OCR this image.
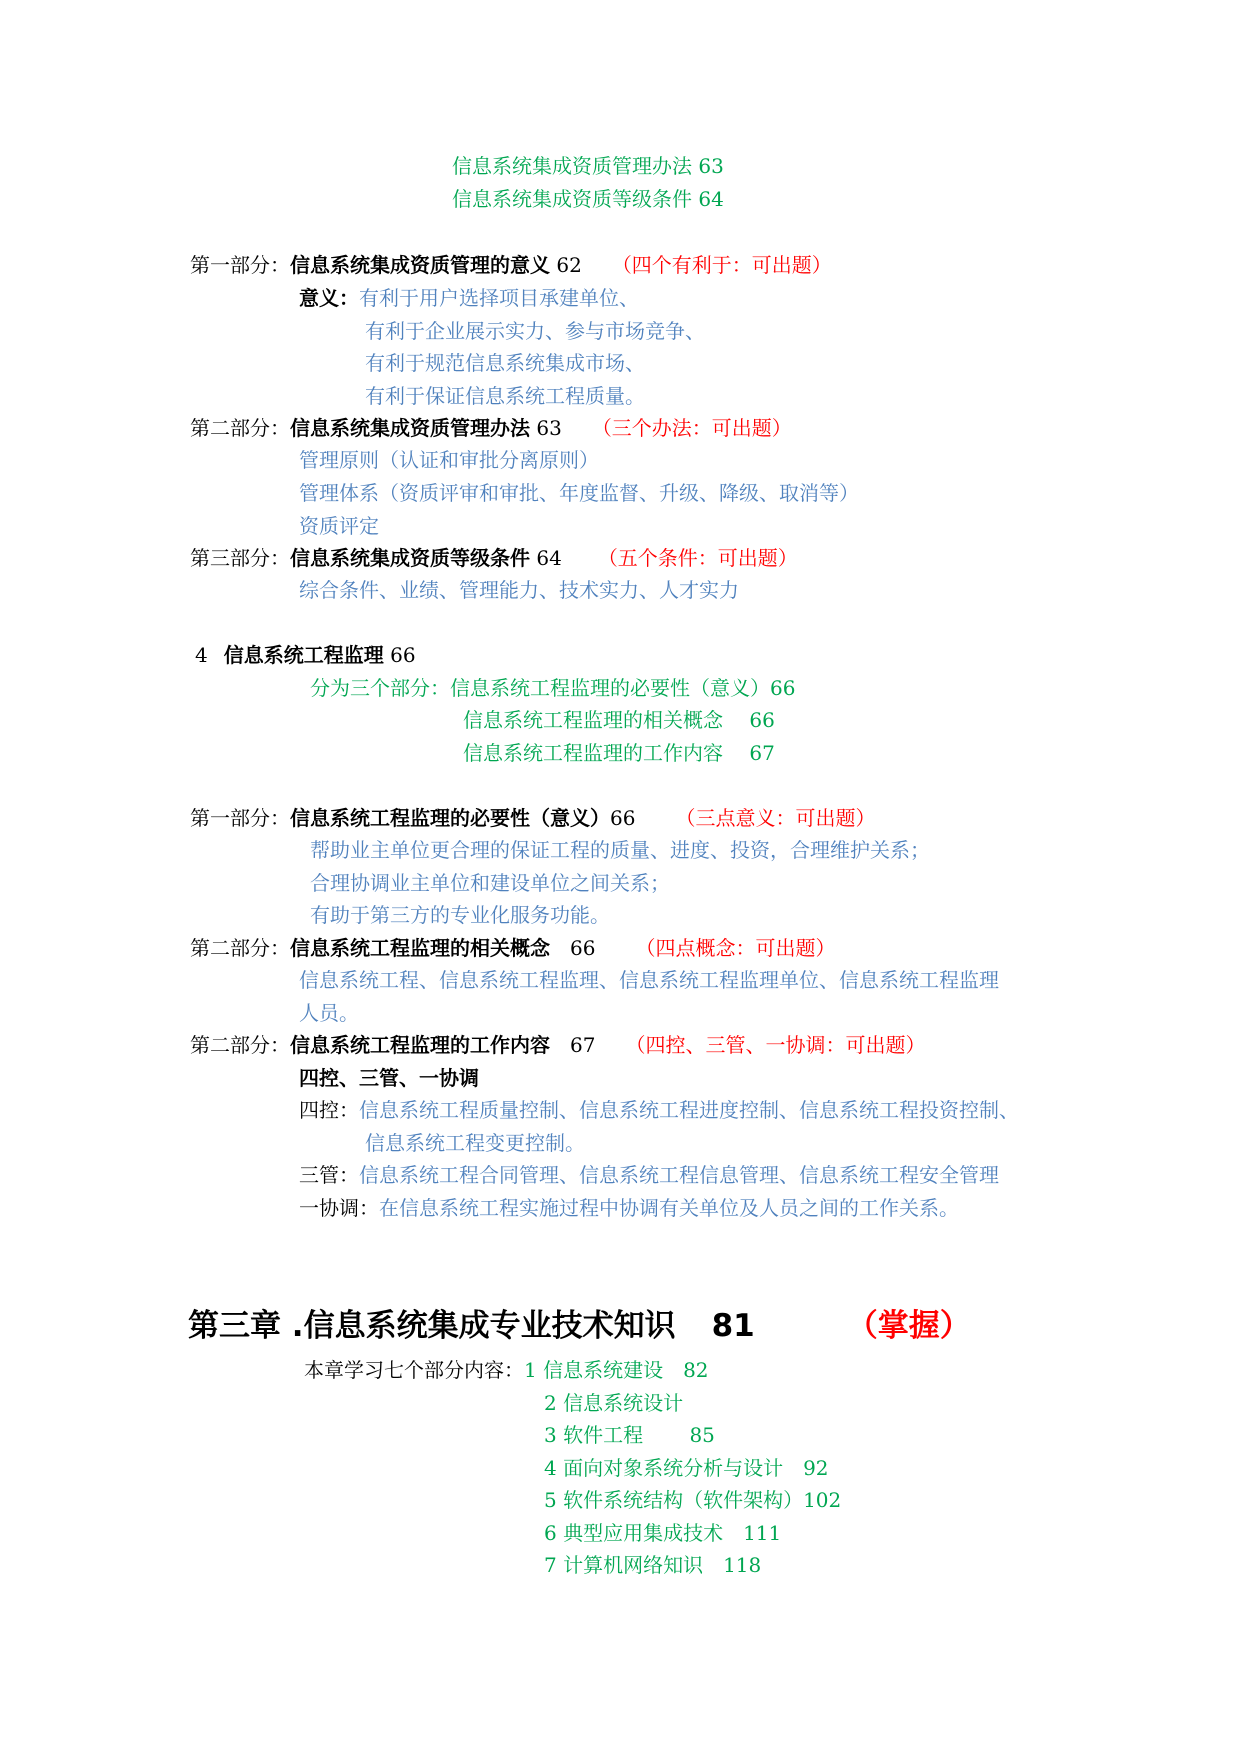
信息系统集成资质管理办法 63
信息系统集成资质等级条件 64
第一部分：信息系统集成资质管理的意义 62 （四个有利于：可出题）
意义：有利于用户选择项目承建单位、
有利于企业展示实力、参与市场竞争、
有利于规范信息系统集成市场、
有利于保证信息系统工程质量。
第二部分：信息系统集成资质管理办法 63 （三个办法：可出题）
管理原则（认证和审批分离原则）
管理体系（资质评审和审批、年度监督、升级、降级、取消等）
资质评定
第三部分：信息系统集成资质等级条件 64 （五个条件：可出题）
综合条件、业绩、管理能力、技术实力、人才实力
4 信息系统工程监理 66
分为三个部分：信息系统工程监理的必要性（意义）66
信息系统工程监理的相关概念　 66
信息系统工程监理的工作内容　 67
第一部分：信息系统工程监理的必要性（意义）66 （三点意义：可出题）
帮助业主单位更合理的保证工程的质量、进度、投资，合理维护关系；
合理协调业主单位和建设单位之间关系；
有助于第三方的专业化服务功能。
第二部分：信息系统工程监理的相关概念 66 （四点概念：可出题）
信息系统工程、信息系统工程监理、信息系统工程监理单位、信息系统工程监理
人员。
第二部分：信息系统工程监理的工作内容 67 （四控、三管、一协调：可出题）
四控、三管、一协调
四控：信息系统工程质量控制、信息系统工程进度控制、信息系统工程投资控制、
信息系统工程变更控制。
三管：信息系统工程合同管理、信息系统工程信息管理、信息系统工程安全管理
一协调：在信息系统工程实施过程中协调有关单位及人员之间的工作关系。
第三章 .信息系统集成专业技术知识 81	（掌握）
本章学习七个部分内容：1 信息系统建设　82
2 信息系统设计
3 软件工程　　 85
4 面向对象系统分析与设计　92
5 软件系统结构（软件架构）102
6 典型应用集成技术　111
7 计算机网络知识　118
